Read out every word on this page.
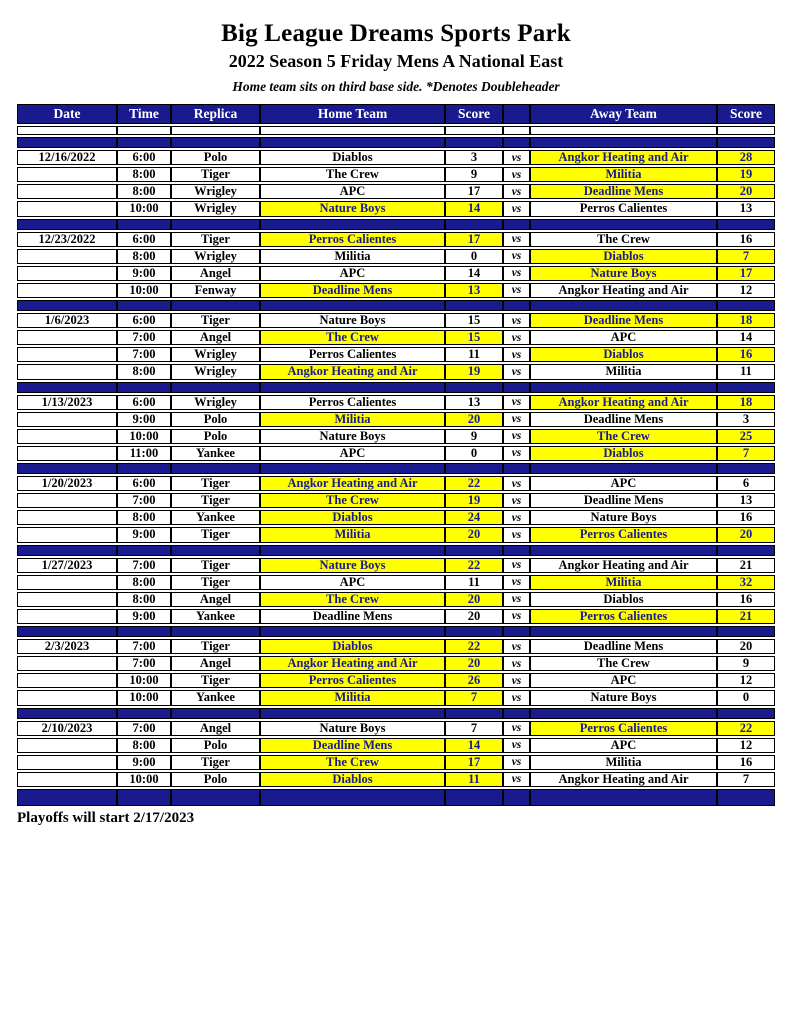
Big League Dreams Sports Park
2022 Season 5 Friday Mens A National East
Home team sits on third base side. *Denotes Doubleheader
Date	Time	Replica	Home Team	Score		Away Team	Score

12/16/2022	6:00	Polo	Diablos	3	vs	Angkor Heating and Air	28
	8:00	Tiger	The Crew	9	vs	Militia	19
	8:00	Wrigley	APC	17	vs	Deadline Mens	20
	10:00	Wrigley	Nature Boys	14	vs	Perros Calientes	13

12/23/2022	6:00	Tiger	Perros Calientes	17	vs	The Crew	16
	8:00	Wrigley	Militia	0	vs	Diablos	7
	9:00	Angel	APC	14	vs	Nature Boys	17
	10:00	Fenway	Deadline Mens	13	vs	Angkor Heating and Air	12

1/6/2023	6:00	Tiger	Nature Boys	15	vs	Deadline Mens	18
	7:00	Angel	The Crew	15	vs	APC	14
	7:00	Wrigley	Perros Calientes	11	vs	Diablos	16
	8:00	Wrigley	Angkor Heating and Air	19	vs	Militia	11

1/13/2023	6:00	Wrigley	Perros Calientes	13	vs	Angkor Heating and Air	18
	9:00	Polo	Militia	20	vs	Deadline Mens	3
	10:00	Polo	Nature Boys	9	vs	The Crew	25
	11:00	Yankee	APC	0	vs	Diablos	7

1/20/2023	6:00	Tiger	Angkor Heating and Air	22	vs	APC	6
	7:00	Tiger	The Crew	19	vs	Deadline Mens	13
	8:00	Yankee	Diablos	24	vs	Nature Boys	16
	9:00	Tiger	Militia	20	vs	Perros Calientes	20

1/27/2023	7:00	Tiger	Nature Boys	22	vs	Angkor Heating and Air	21
	8:00	Tiger	APC	11	vs	Militia	32
	8:00	Angel	The Crew	20	vs	Diablos	16
	9:00	Yankee	Deadline Mens	20	vs	Perros Calientes	21

2/3/2023	7:00	Tiger	Diablos	22	vs	Deadline Mens	20
	7:00	Angel	Angkor Heating and Air	20	vs	The Crew	9
	10:00	Tiger	Perros Calientes	26	vs	APC	12
	10:00	Yankee	Militia	7	vs	Nature Boys	0

2/10/2023	7:00	Angel	Nature Boys	7	vs	Perros Calientes	22
	8:00	Polo	Deadline Mens	14	vs	APC	12
	9:00	Tiger	The Crew	17	vs	Militia	16
	10:00	Polo	Diablos	11	vs	Angkor Heating and Air	7

Playoffs will start 2/17/2023
